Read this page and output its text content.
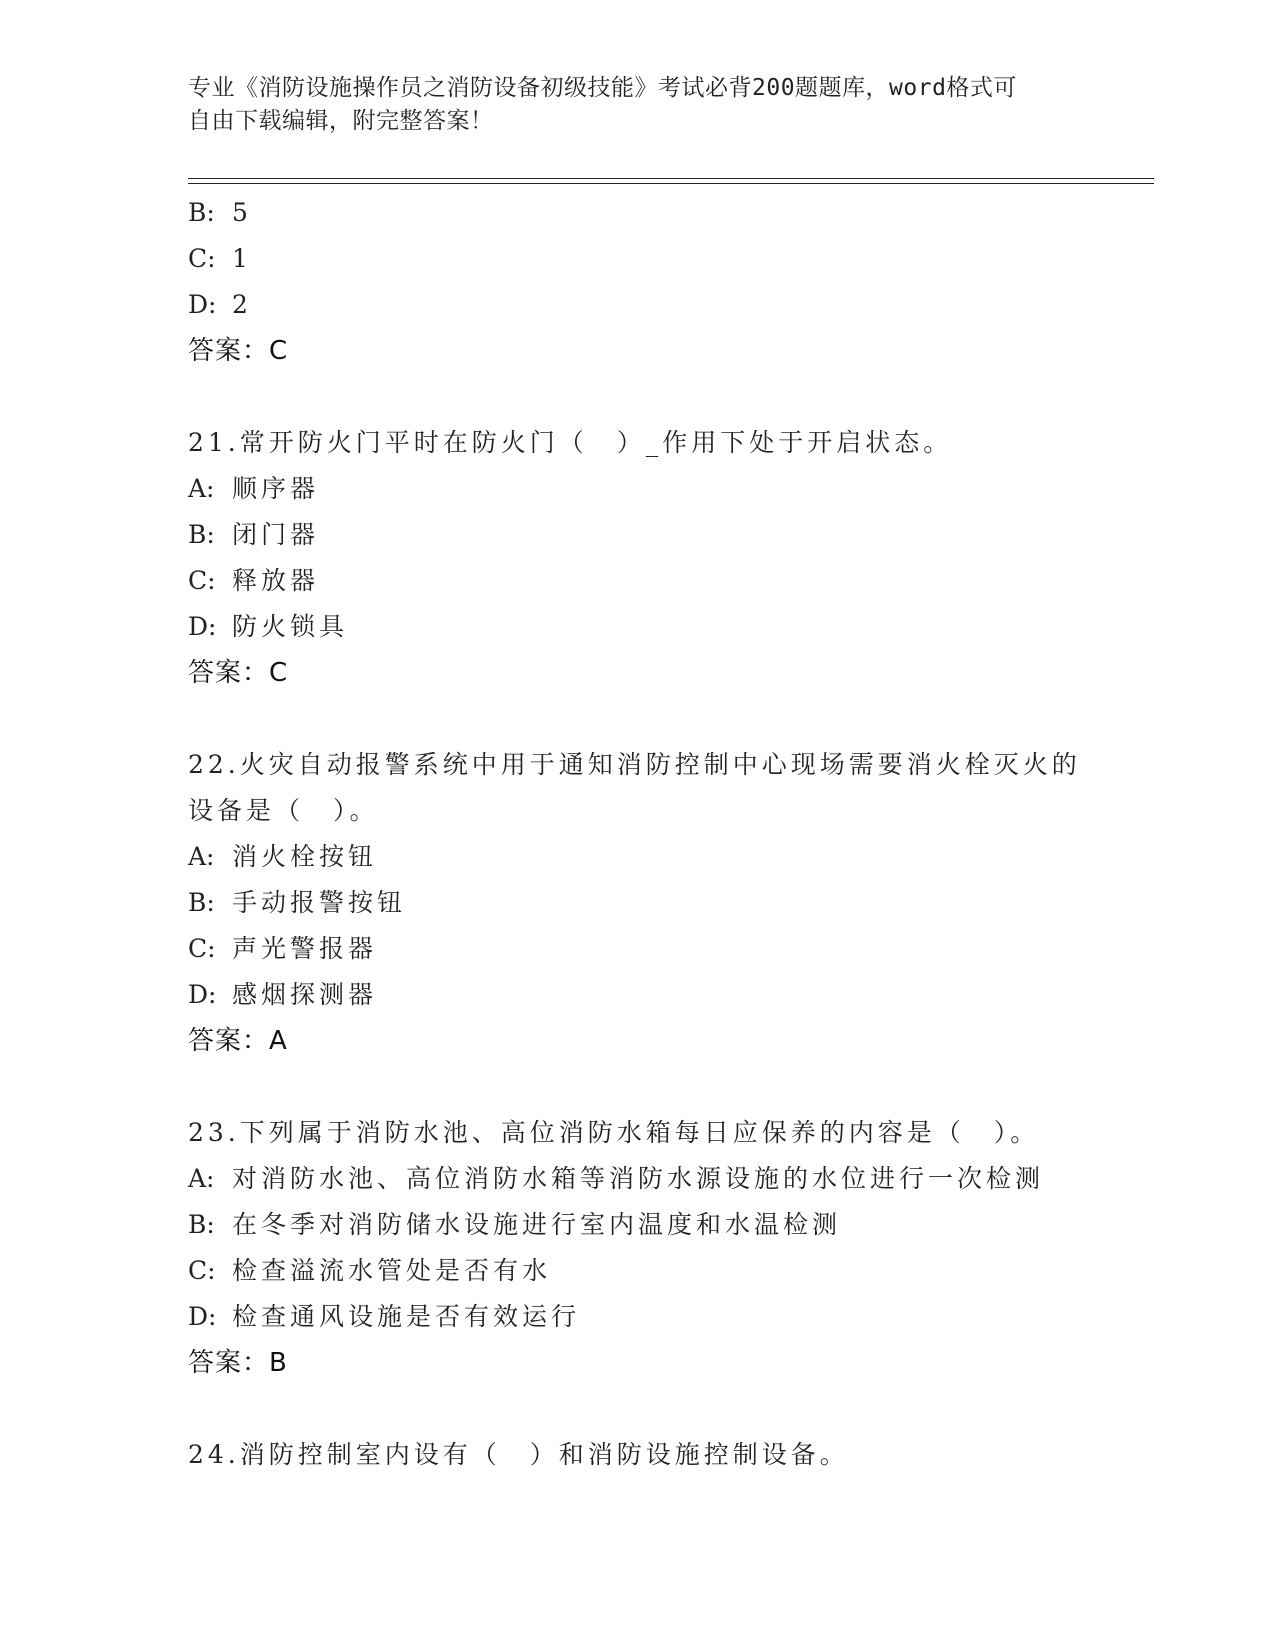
专业《消防设施操作员之消防设备初级技能》考试必背200题题库，word格式可
自由下载编辑，附完整答案！
B: 5
C: 1
D: 2
答案：C
21.常开防火门平时在防火门（　）_作用下处于开启状态。
A: 顺序器
B: 闭门器
C: 释放器
D: 防火锁具
答案：C
22.火灾自动报警系统中用于通知消防控制中心现场需要消火栓灭火的
设备是（　）。
A: 消火栓按钮
B: 手动报警按钮
C: 声光警报器
D: 感烟探测器
答案：A
23.下列属于消防水池、高位消防水箱每日应保养的内容是（　）。
A: 对消防水池、高位消防水箱等消防水源设施的水位进行一次检测
B: 在冬季对消防储水设施进行室内温度和水温检测
C: 检查溢流水管处是否有水
D: 检查通风设施是否有效运行
答案：B
24.消防控制室内设有（　）和消防设施控制设备。
